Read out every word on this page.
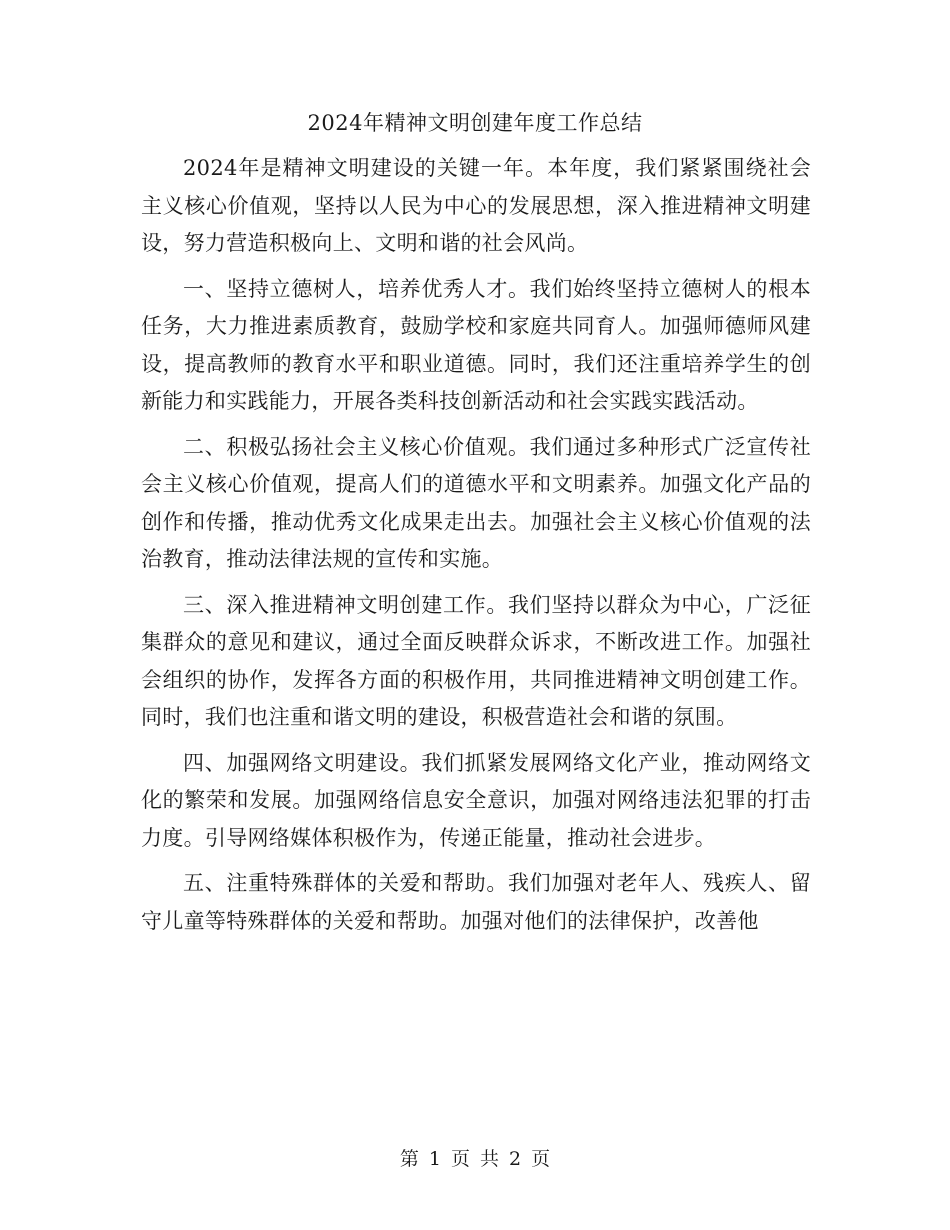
2024年精神文明创建年度工作总结

2024年是精神文明建设的关键一年。本年度，我们紧紧围绕社会主义核心价值观，坚持以人民为中心的发展思想，深入推进精神文明建设，努力营造积极向上、文明和谐的社会风尚。

一、坚持立德树人，培养优秀人才。我们始终坚持立德树人的根本任务，大力推进素质教育，鼓励学校和家庭共同育人。加强师德师风建设，提高教师的教育水平和职业道德。同时，我们还注重培养学生的创新能力和实践能力，开展各类科技创新活动和社会实践实践活动。

二、积极弘扬社会主义核心价值观。我们通过多种形式广泛宣传社会主义核心价值观，提高人们的道德水平和文明素养。加强文化产品的创作和传播，推动优秀文化成果走出去。加强社会主义核心价值观的法治教育，推动法律法规的宣传和实施。

三、深入推进精神文明创建工作。我们坚持以群众为中心，广泛征集群众的意见和建议，通过全面反映群众诉求，不断改进工作。加强社会组织的协作，发挥各方面的积极作用，共同推进精神文明创建工作。同时，我们也注重和谐文明的建设，积极营造社会和谐的氛围。

四、加强网络文明建设。我们抓紧发展网络文化产业，推动网络文化的繁荣和发展。加强网络信息安全意识，加强对网络违法犯罪的打击力度。引导网络媒体积极作为，传递正能量，推动社会进步。

五、注重特殊群体的关爱和帮助。我们加强对老年人、残疾人、留守儿童等特殊群体的关爱和帮助。加强对他们的法律保护，改善他

第 1 页 共 2 页
